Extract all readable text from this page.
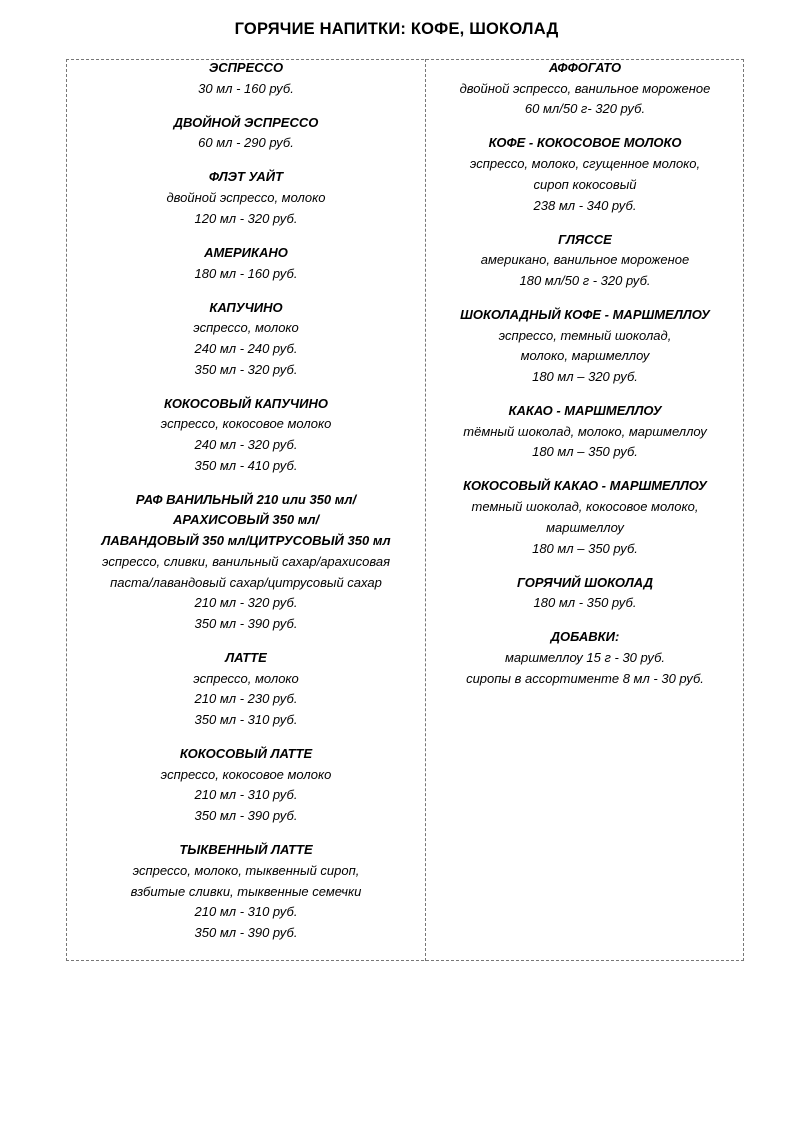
ГОРЯЧИЕ НАПИТКИ: КОФЕ, ШОКОЛАД
ЭСПРЕССО
30 мл - 160 руб.
ДВОЙНОЙ ЭСПРЕССО
60 мл - 290 руб.
ФЛЭТ УАЙТ
двойной эспрессо, молоко
120 мл - 320 руб.
АМЕРИКАНО
180 мл - 160 руб.
КАПУЧИНО
эспрессо, молоко
240 мл - 240 руб.
350 мл - 320 руб.
КОКОСОВЫЙ КАПУЧИНО
эспрессо, кокосовое молоко
240 мл - 320 руб.
350 мл - 410 руб.
РАФ ВАНИЛЬНЫЙ 210 или 350 мл/
АРАХИСОВЫЙ 350 мл/
ЛАВАНДОВЫЙ 350 мл/ЦИТРУСОВЫЙ 350 мл
эспрессо, сливки, ванильный сахар/арахисовая
паста/лавандовый сахар/цитрусовый сахар
210 мл - 320 руб.
350 мл - 390 руб.
ЛАТТЕ
эспрессо, молоко
210 мл - 230 руб.
350 мл - 310 руб.
КОКОСОВЫЙ ЛАТТЕ
эспрессо, кокосовое молоко
210 мл - 310 руб.
350 мл - 390 руб.
ТЫКВЕННЫЙ ЛАТТЕ
эспрессо, молоко, тыквенный сироп,
взбитые сливки, тыквенные семечки
210 мл - 310 руб.
350 мл - 390 руб.
АФФОГАТО
двойной эспрессо, ванильное мороженое
60 мл/50 г- 320 руб.
КОФЕ - КОКОСОВОЕ МОЛОКО
эспрессо, молоко, сгущенное молоко,
сироп кокосовый
238 мл - 340 руб.
ГЛЯССЕ
американо, ванильное мороженое
180 мл/50 г - 320 руб.
ШОКОЛАДНЫЙ КОФЕ - МАРШМЕЛЛОУ
эспрессо, темный шоколад,
молоко, маршмеллоу
180 мл – 320 руб.
КАКАО - МАРШМЕЛЛОУ
тёмный шоколад, молоко, маршмеллоу
180 мл – 350 руб.
КОКОСОВЫЙ КАКАО - МАРШМЕЛЛОУ
темный шоколад, кокосовое молоко,
маршмеллоу
180 мл – 350 руб.
ГОРЯЧИЙ ШОКОЛАД
180 мл - 350 руб.
ДОБАВКИ:
маршмеллоу 15 г - 30 руб.
сиропы в ассортименте 8 мл - 30 руб.
